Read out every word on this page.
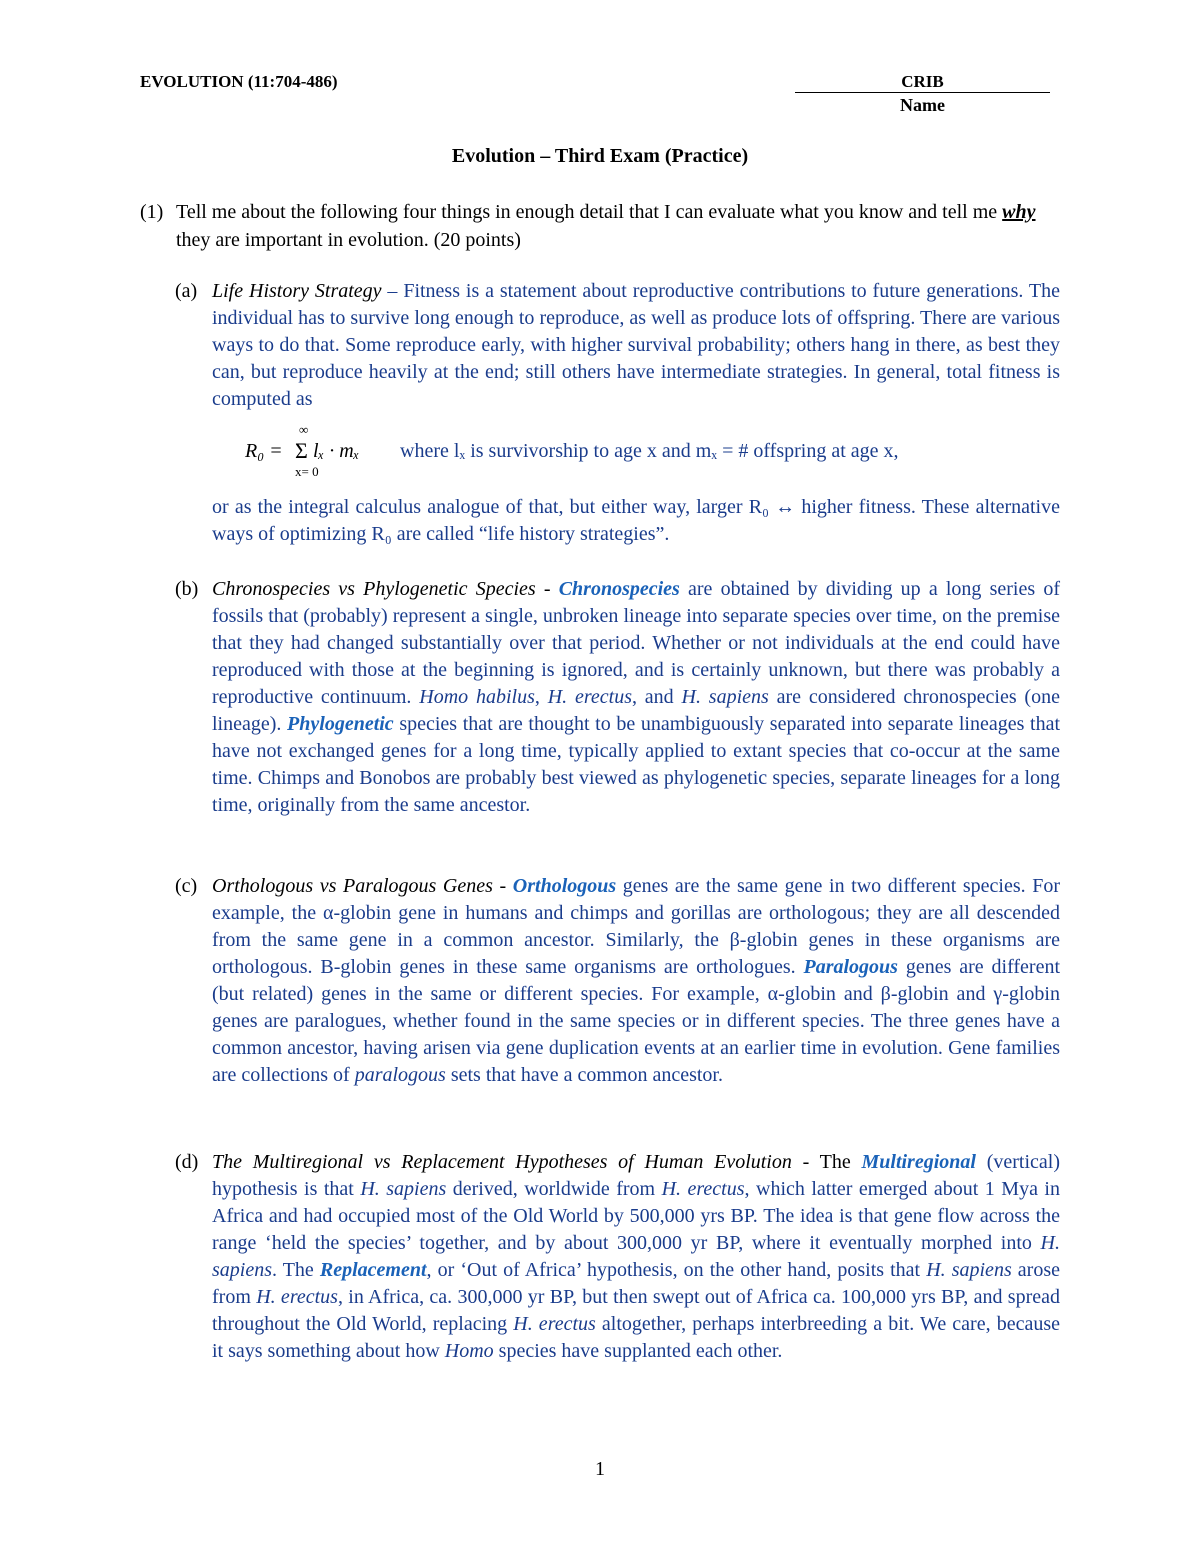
EVOLUTION (11:704-486)	CRIB
Name
Evolution – Third Exam (Practice)
(1) Tell me about the following four things in enough detail that I can evaluate what you know and tell me why they are important in evolution. (20 points)
(a) Life History Strategy – Fitness is a statement about reproductive contributions to future generations. The individual has to survive long enough to reproduce, as well as produce lots of offspring. There are various ways to do that. Some reproduce early, with higher survival probability; others hang in there, as best they can, but reproduce heavily at the end; still others have intermediate strategies. In general, total fitness is computed as
R₀ =
∞
Σ
x= 0
lₓ · mₓ where lₓ is survivorship to age x and mₓ = # offspring at age x,
or as the integral calculus analogue of that, but either way, larger R₀ ↔ higher fitness. These alternative ways of optimizing R₀ are called “life history strategies”.
(b) Chronospecies vs Phylogenetic Species - Chronospecies are obtained by dividing up a long series of fossils that (probably) represent a single, unbroken lineage into separate species over time, on the premise that they had changed substantially over that period. Whether or not individuals at the end could have reproduced with those at the beginning is ignored, and is certainly unknown, but there was probably a reproductive continuum. Homo habilus, H. erectus, and H. sapiens are considered chronospecies (one lineage). Phylogenetic species that are thought to be unambiguously separated into separate lineages that have not exchanged genes for a long time, typically applied to extant species that co-occur at the same time. Chimps and Bonobos are probably best viewed as phylogenetic species, separate lineages for a long time, originally from the same ancestor.
(c) Orthologous vs Paralogous Genes - Orthologous genes are the same gene in two different species. For example, the α-globin gene in humans and chimps and gorillas are orthologous; they are all descended from the same gene in a common ancestor. Similarly, the β-globin genes in these organisms are orthologous. B-globin genes in these same organisms are orthologues. Paralogous genes are different (but related) genes in the same or different species. For example, α-globin and β-globin and γ-globin genes are paralogues, whether found in the same species or in different species. The three genes have a common ancestor, having arisen via gene duplication events at an earlier time in evolution. Gene families are collections of paralogous sets that have a common ancestor.
(d) The Multiregional vs Replacement Hypotheses of Human Evolution - The Multiregional (vertical) hypothesis is that H. sapiens derived, worldwide from H. erectus, which latter emerged about 1 Mya in Africa and had occupied most of the Old World by 500,000 yrs BP. The idea is that gene flow across the range ‘held the species’ together, and by about 300,000 yr BP, where it eventually morphed into H. sapiens. The Replacement, or ‘Out of Africa’ hypothesis, on the other hand, posits that H. sapiens arose from H. erectus, in Africa, ca. 300,000 yr BP, but then swept out of Africa ca. 100,000 yrs BP, and spread throughout the Old World, replacing H. erectus altogether, perhaps interbreeding a bit. We care, because it says something about how Homo species have supplanted each other.
1
